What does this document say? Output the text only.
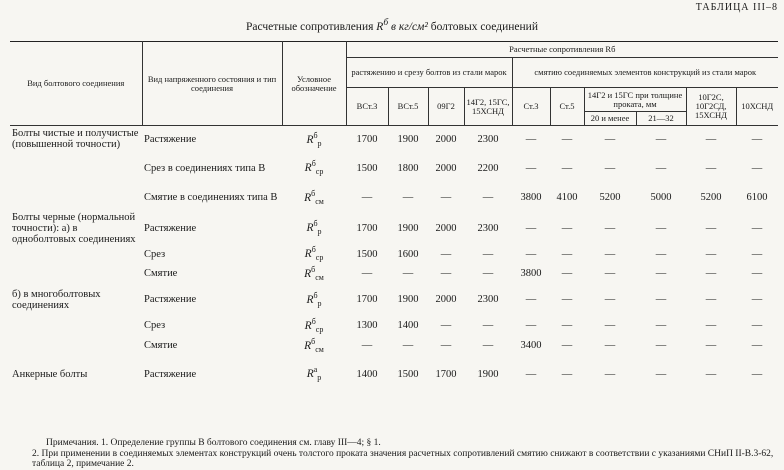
ТАБЛИЦА III–8
Расчетные сопротивления $R^б$ в кг/см² болтовых соединений
Вид болтового соединения	Вид напряженного состояния и тип соединения	Условное обозначение	Расчетные сопротивления Rб									
			растяжению и срезу болтов из стали марок				смятию соединяемых элементов конструкций из стали марок					
			ВСт.3	ВСт.5	09Г2	14Г2, 15ГС, 15ХСНД	Ст.3	Ст.5	14Г2 и 15ГС при толщине проката, мм		10Г2С, 10Г2СД, 15ХСНД	10ХСНД
									20 и менее	21—32		
Болты чистые и получистые (повышенной точности)	Растяжение	$R^б_р$	1700	1900	2000	2300	—	—	—	—	—	—
	Срез в соединениях типа В	$R^б_{ср}$	1500	1800	2000	2200	—	—	—	—	—	—
	Смятие в соединениях типа В	$R^б_{см}$	—	—	—	—	3800	4100	5200	5000	5200	6100
Болты черные (нормальной точности): а) в одноболтовых соединениях	Растяжение	$R^б_р$	1700	1900	2000	2300	—	—	—	—	—	—
	Срез	$R^б_{ср}$	1500	1600	—	—	—	—	—	—	—	—
	Смятие	$R^б_{см}$	—	—	—	—	3800	—	—	—	—	—
б) в многоболтовых соединениях	Растяжение	$R^б_р$	1700	1900	2000	2300	—	—	—	—	—	—
	Срез	$R^б_{ср}$	1300	1400	—	—	—	—	—	—	—	—
	Смятие	$R^б_{см}$	—	—	—	—	3400	—	—	—	—	—
Анкерные болты	Растяжение	$R^а_р$	1400	1500	1700	1900	—	—	—	—	—	—
Примечания. 1. Определение группы В болтового соединения см. главу III—4; § 1.
2. При применении в соединяемых элементах конструкций очень толстого проката значения расчетных сопротивлений смятию снижают в соответствии с указаниями СНиП II-В.3-62, таблица 2, примечание 2.
